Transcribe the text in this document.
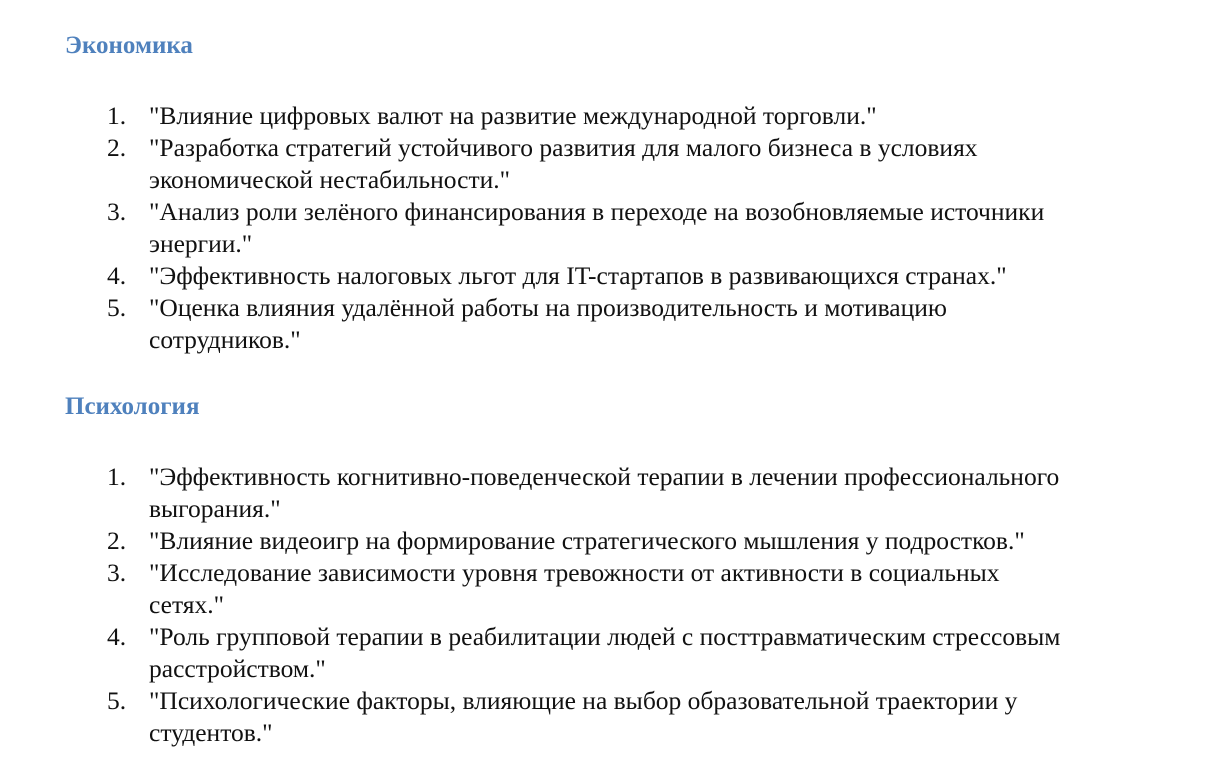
Экономика
1. "Влияние цифровых валют на развитие международной торговли."
2. "Разработка стратегий устойчивого развития для малого бизнеса в условиях
экономической нестабильности."
3. "Анализ роли зелёного финансирования в переходе на возобновляемые источники
энергии."
4. "Эффективность налоговых льгот для IT-стартапов в развивающихся странах."
5. "Оценка влияния удалённой работы на производительность и мотивацию
сотрудников."
Психология
1. "Эффективность когнитивно-поведенческой терапии в лечении профессионального
выгорания."
2. "Влияние видеоигр на формирование стратегического мышления у подростков."
3. "Исследование зависимости уровня тревожности от активности в социальных
сетях."
4. "Роль групповой терапии в реабилитации людей с посттравматическим стрессовым
расстройством."
5. "Психологические факторы, влияющие на выбор образовательной траектории у
студентов."
